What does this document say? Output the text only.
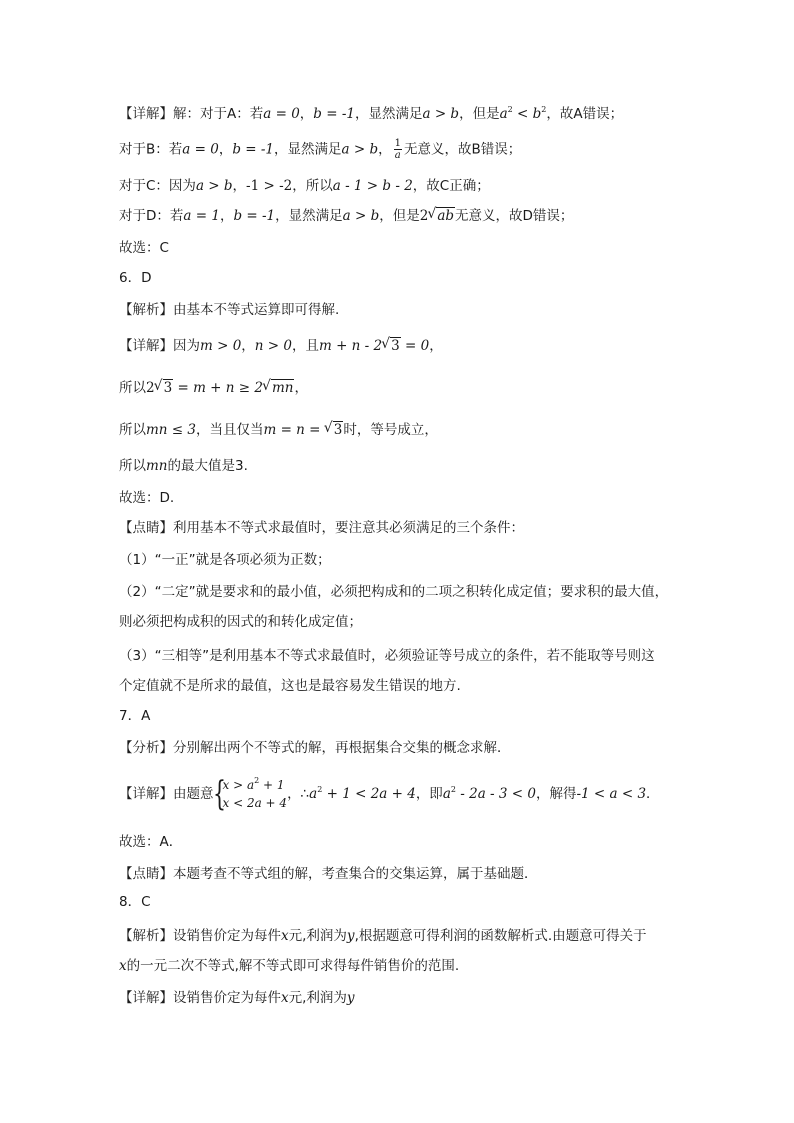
【详解】解：对于A：若a = 0，b = -1，显然满足a > b，但是$a^2 < b^2$，故A错误；
对于B：若a = 0，b = -1，显然满足a > b， $\frac{1}{a}$ 无意义，故B错误；
对于C：因为a > b，-1 > -2，所以a - 1 > b - 2，故C正确；
对于D：若a = 1，b = -1，显然满足a > b，但是2 √ ab无意义，故D错误；
故选：C
6．D
【解析】由基本不等式运算即可得解.
【详解】因为m > 0，n > 0，且m + n - 2 √ 3 = 0，
所以2 √ 3 = m + n ≥ 2 √ mn，
所以mn ≤ 3，当且仅当m = n = √ 3时，等号成立，
所以mn的最大值是3.
故选：D.
【点睛】利用基本不等式求最值时，要注意其必须满足的三个条件：
（1）“一正”就是各项必须为正数；
（2）“二定”就是要求和的最小值，必须把构成和的二项之积转化成定值；要求积的最大值，
则必须把构成积的因式的和转化成定值；
（3）“三相等”是利用基本不等式求最值时，必须验证等号成立的条件，若不能取等号则这
个定值就不是所求的最值，这也是最容易发生错误的地方.
7．A
【分析】分别解出两个不等式的解，再根据集合交集的概念求解．
【详解】由题意 {
$x > a^2 + 1$
x < 2a + 4
，$\therefore a^2 + 1 < 2a + 4$，即$a^2 - 2a - 3 < 0$，解得-1 < a < 3．
故选：A．
【点睛】本题考查不等式组的解，考查集合的交集运算，属于基础题．
8．C
【解析】设销售价定为每件x元,利润为y,根据题意可得利润的函数解析式.由题意可得关于
x的一元二次不等式,解不等式即可求得每件销售价的范围.
【详解】设销售价定为每件x元,利润为y
